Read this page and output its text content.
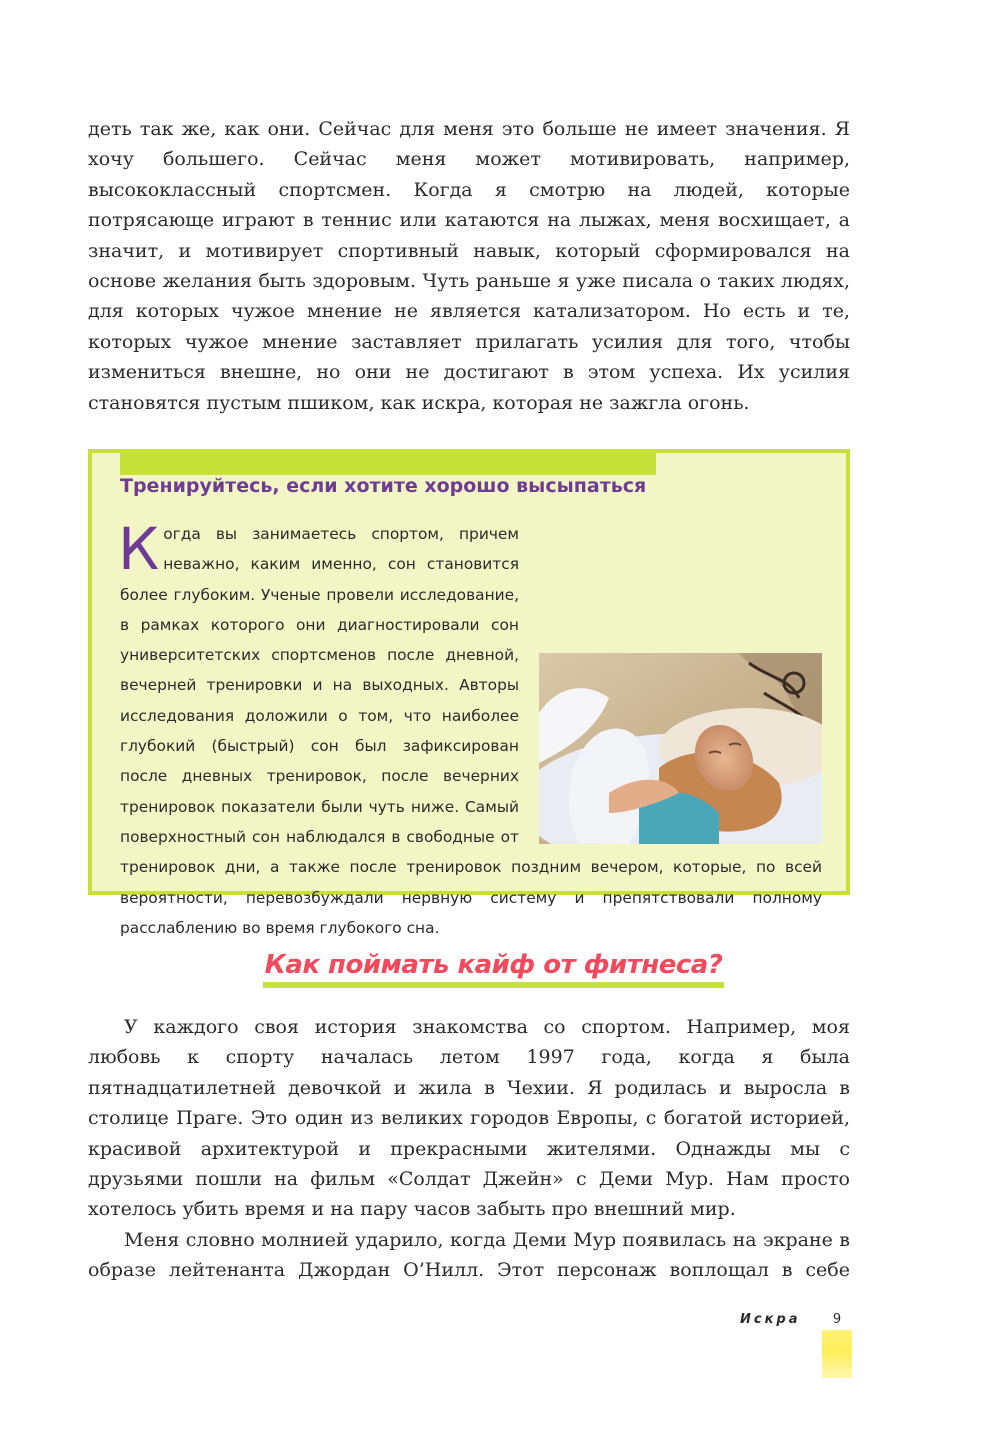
деть так же, как они. Сейчас для меня это больше не имеет значения. Я хочу большего. Сейчас меня может мотивировать, например, высококлассный спортсмен. Когда я смотрю на людей, которые потрясающе играют в теннис или катаются на лыжах, меня восхищает, а значит, и мотивирует спортивный навык, который сформировался на основе желания быть здоровым. Чуть раньше я уже писала о таких людях, для которых чужое мнение не является катализатором. Но есть и те, которых чужое мнение заставляет прилагать усилия для того, чтобы измениться внешне, но они не достигают в этом успеха. Их усилия становятся пустым пшиком, как искра, которая не зажгла огонь.

Тренируйтесь, если хотите хорошо высыпаться
К огда вы занимаетесь спортом, причем неважно, каким именно, сон становится более глубоким. Ученые провели исследование, в рамках которого они диагностировали сон университетских спортсменов после дневной, вечерней тренировки и на выходных. Авторы исследования доложили о том, что наиболее глубокий (быстрый) сон был зафиксирован после дневных тренировок, после вечерних тренировок показатели были чуть ниже. Самый поверхностный сон наблюдался в свободные от тренировок дни, а также после тренировок поздним вечером, которые, по всей вероятности, перевозбуждали нервную систему и препятствовали полному расслаблению во время глубокого сна.
Как поймать кайф от фитнеса?

У каждого своя история знакомства со спортом. Например, моя любовь к спорту началась летом 1997 года, когда я была пятнадцатилетней девочкой и жила в Чехии. Я родилась и выросла в столице Праге. Это один из великих городов Европы, с богатой историей, красивой архитектурой и прекрасными жителями. Однажды мы с друзьями пошли на фильм «Солдат Джейн» с Деми Мур. Нам просто хотелось убить время и на пару часов забыть про внешний мир.

Меня словно молнией ударило, когда Деми Мур появилась на экране в образе лейтенанта Джордан О’Нилл. Этот персонаж воплощал в себе

Искра	9
